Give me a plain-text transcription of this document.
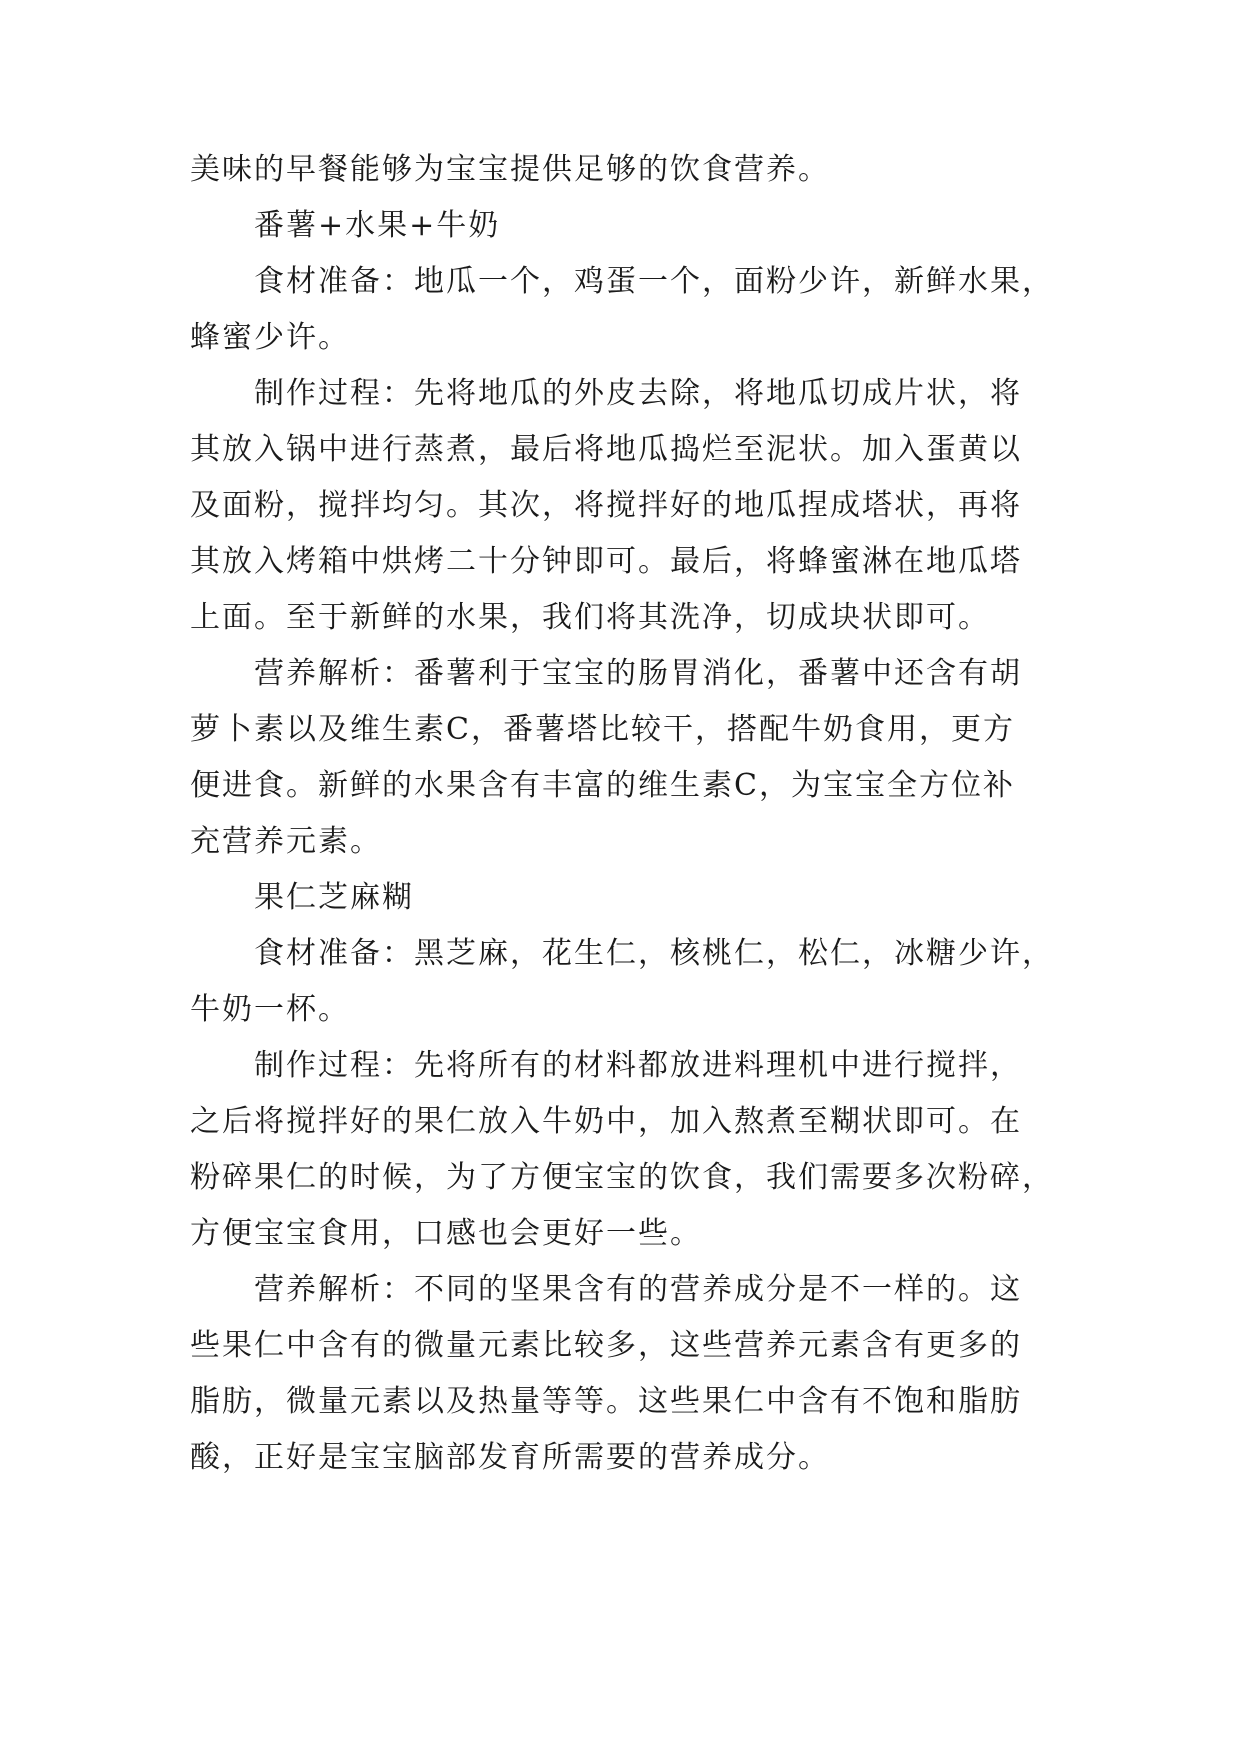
美味的早餐能够为宝宝提供足够的饮食营养。
番薯+水果+牛奶
食材准备：地瓜一个，鸡蛋一个，面粉少许，新鲜水果，
蜂蜜少许。
制作过程：先将地瓜的外皮去除，将地瓜切成片状，将
其放入锅中进行蒸煮，最后将地瓜捣烂至泥状。加入蛋黄以
及面粉，搅拌均匀。其次，将搅拌好的地瓜捏成塔状，再将
其放入烤箱中烘烤二十分钟即可。最后，将蜂蜜淋在地瓜塔
上面。至于新鲜的水果，我们将其洗净，切成块状即可。
营养解析：番薯利于宝宝的肠胃消化，番薯中还含有胡
萝卜素以及维生素C，番薯塔比较干，搭配牛奶食用，更方
便进食。新鲜的水果含有丰富的维生素C，为宝宝全方位补
充营养元素。
果仁芝麻糊
食材准备：黑芝麻，花生仁，核桃仁，松仁，冰糖少许，
牛奶一杯。
制作过程：先将所有的材料都放进料理机中进行搅拌，
之后将搅拌好的果仁放入牛奶中，加入熬煮至糊状即可。在
粉碎果仁的时候，为了方便宝宝的饮食，我们需要多次粉碎，
方便宝宝食用，口感也会更好一些。
营养解析：不同的坚果含有的营养成分是不一样的。这
些果仁中含有的微量元素比较多，这些营养元素含有更多的
脂肪，微量元素以及热量等等。这些果仁中含有不饱和脂肪
酸，正好是宝宝脑部发育所需要的营养成分。
